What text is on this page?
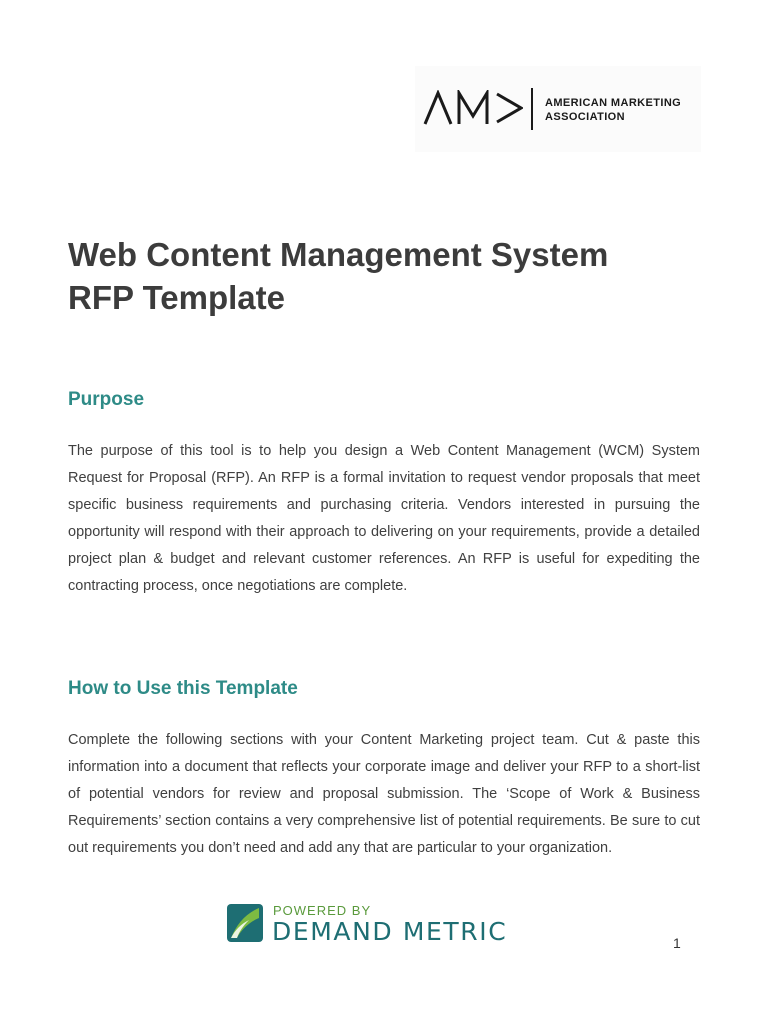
AMERICAN MARKETING
ASSOCIATION
Web Content Management System
RFP Template
Purpose

The purpose of this tool is to help you design a Web Content Management (WCM) System Request for Proposal (RFP). An RFP is a formal invitation to request vendor proposals that meet specific business requirements and purchasing criteria. Vendors interested in pursuing the opportunity will respond with their approach to delivering on your requirements, provide a detailed project plan & budget and relevant customer references. An RFP is useful for expediting the contracting process, once negotiations are complete.

How to Use this Template

Complete the following sections with your Content Marketing project team. Cut & paste this information into a document that reflects your corporate image and deliver your RFP to a short-list of potential vendors for review and proposal submission. The ‘Scope of Work & Business Requirements’ section contains a very comprehensive list of potential requirements. Be sure to cut out requirements you don’t need and add any that are particular to your organization.

POWERED BY
DEMAND METRIC	1
